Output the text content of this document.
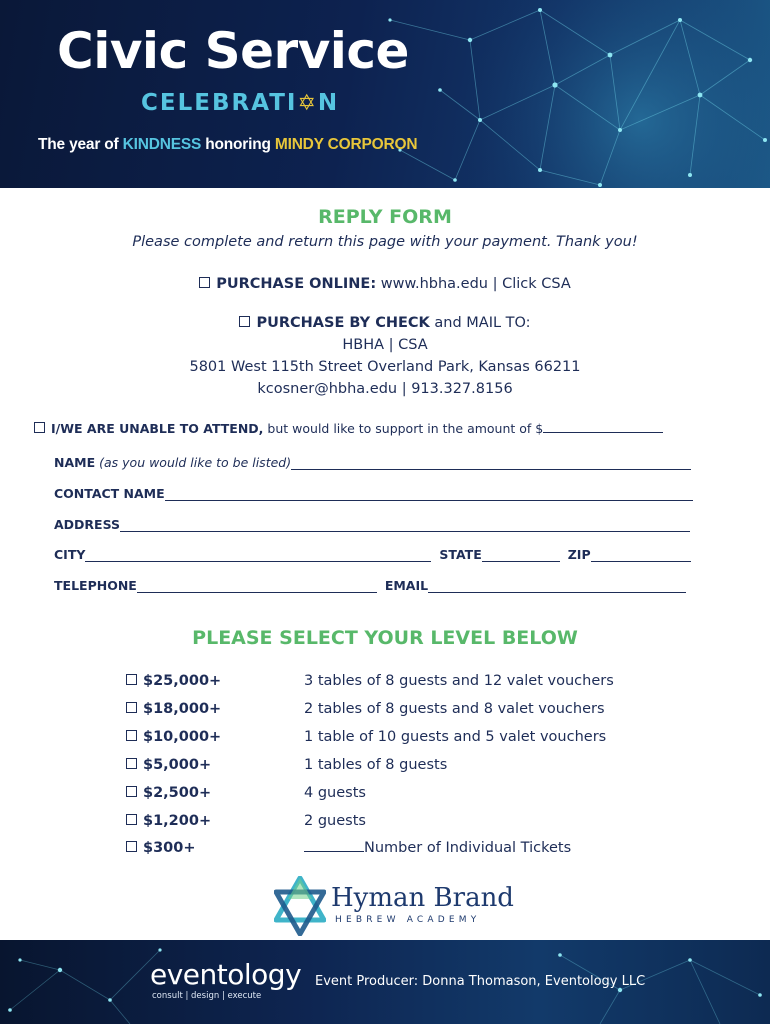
Civic Service
CELEBRATI✡N
The year of KINDNESS honoring MINDY CORPORON
REPLY FORM
Please complete and return this page with your payment. Thank you!
PURCHASE ONLINE: www.hbha.edu | Click CSA
PURCHASE BY CHECK and MAIL TO:
HBHA | CSA
5801 West 115th Street Overland Park, Kansas 66211
kcosner@hbha.edu | 913.327.8156
I/WE ARE UNABLE TO ATTEND, but would like to support in the amount of $
NAME (as you would like to be listed)
CONTACT NAME
ADDRESS
CITY	STATE	ZIP
TELEPHONE	EMAIL
PLEASE SELECT YOUR LEVEL BELOW
$25,000+	3 tables of 8 guests and 12 valet vouchers
$18,000+	2 tables of 8 guests and 8 valet vouchers
$10,000+	1 table of 10 guests and 5 valet vouchers
$5,000+	1 tables of 8 guests
$2,500+	4 guests
$1,200+	2 guests
$300+	Number of Individual Tickets
Hyman Brand
HEBREW ACADEMY
eventology
consult | design | execute
Event Producer: Donna Thomason, Eventology LLC
